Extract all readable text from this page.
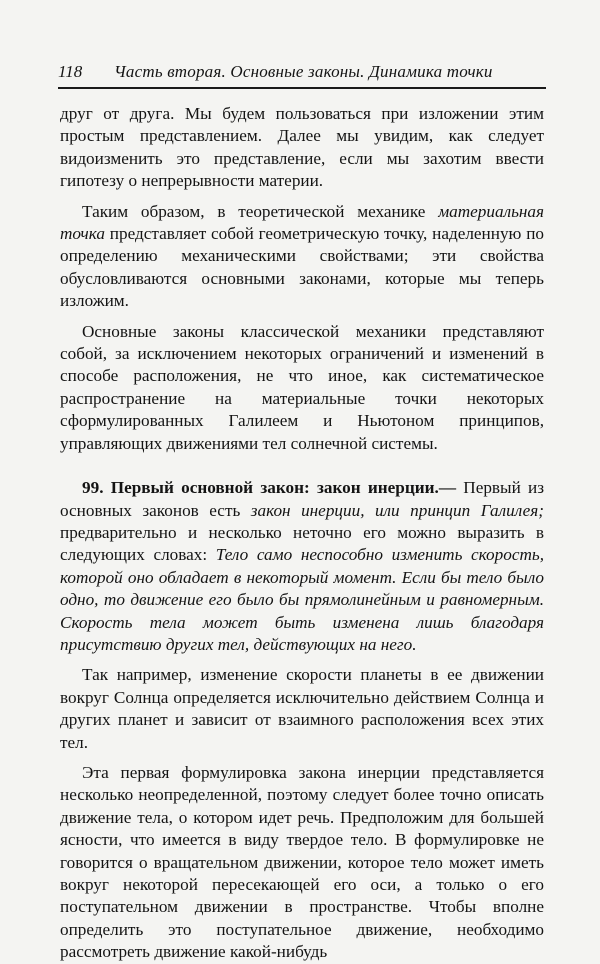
118 Часть вторая. Основные законы. Динамика точки

друг от друга. Мы будем пользоваться при изложении этим простым представлением. Далее мы увидим, как следует видоизменить это представление, если мы захотим ввести гипотезу о непрерывности материи.

Таким образом, в теоретической механике материальная точка представляет собой геометрическую точку, наделенную по определению механическими свойствами; эти свойства обусловливаются основными законами, которые мы теперь изложим.

Основные законы классической механики представляют собой, за исключением некоторых ограничений и изменений в способе расположения, не что иное, как систематическое распространение на материальные точки некоторых сформулированных Галилеем и Ньютоном принципов, управляющих движениями тел солнечной системы.

99. Первый основной закон: закон инерции.— Первый из основных законов есть закон инерции, или принцип Галилея; предварительно и несколько неточно его можно выразить в следующих словах: Тело само неспособно изменить скорость, которой оно обладает в некоторый момент. Если бы тело было одно, то движение его было бы прямолинейным и равномерным. Скорость тела может быть изменена лишь благодаря присутствию других тел, действующих на него.

Так например, изменение скорости планеты в ее движении вокруг Солнца определяется исключительно действием Солнца и других планет и зависит от взаимного расположения всех этих тел.

Эта первая формулировка закона инерции представляется несколько неопределенной, поэтому следует более точно описать движение тела, о котором идет речь. Предположим для большей ясности, что имеется в виду твердое тело. В формулировке не говорится о вращательном движении, которое тело может иметь вокруг некоторой пересекающей его оси, а только о его поступательном движении в пространстве. Чтобы вполне определить это поступательное движение, необходимо рассмотреть движение какой-нибудь
